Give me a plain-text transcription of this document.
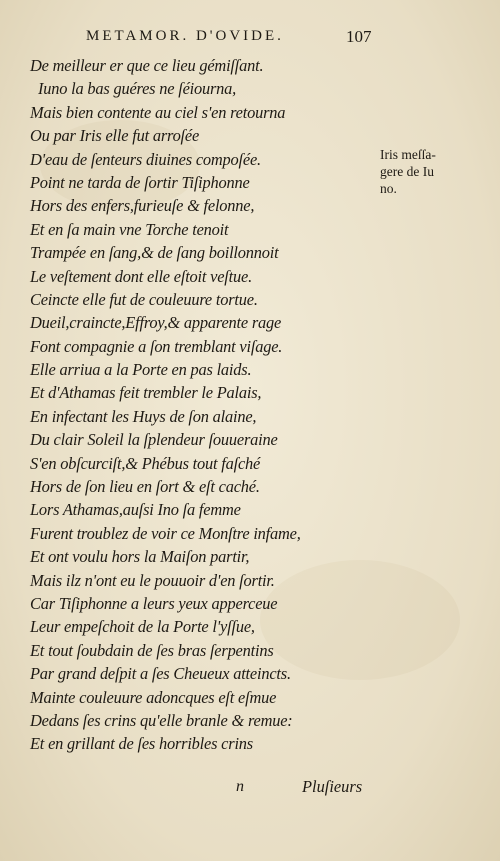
METAMOR. D'OVIDE.	107
De meilleur er que ce lieu gémiſſant.
Iuno la bas guéres ne ſéiourna,
Mais bien contente au ciel s'en retourna
Ou par Iris elle fut arroſée
D'eau de ſenteurs diuines compoſée.
Point ne tarda de ſortir Tiſiphonne
Hors des enfers,furieuſe & felonne,
Et en ſa main vne Torche tenoit
Trampée en ſang,& de ſang boillonnoit
Le veſtement dont elle eſtoit veſtue.
Ceincte elle fut de couleuure tortue.
Dueil,craincte,Effroy,& apparente rage
Font compagnie a ſon tremblant viſage.
Elle arriua a la Porte en pas laids.
Et d'Athamas feit trembler le Palais,
En infectant les Huys de ſon alaine,
Du clair Soleil la ſplendeur ſouueraine
S'en obſcurciſt,& Phébus tout faſché
Hors de ſon lieu en ſort & eſt caché.
Lors Athamas,auſsi Ino ſa femme
Furent troublez de voir ce Monſtre infame,
Et ont voulu hors la Maiſon partir,
Mais ilz n'ont eu le pouuoir d'en ſortir.
Car Tiſiphonne a leurs yeux apperceue
Leur empeſchoit de la Porte l'yſſue,
Et tout ſoubdain de ſes bras ſerpentins
Par grand deſpit a ſes Cheueux atteincts.
Mainte couleuure adoncques eſt eſmue
Dedans ſes crins qu'elle branle & remue:
Et en grillant de ſes horribles crins
Iris meſſa-
gere de Iu
no.
n	Pluſieurs
